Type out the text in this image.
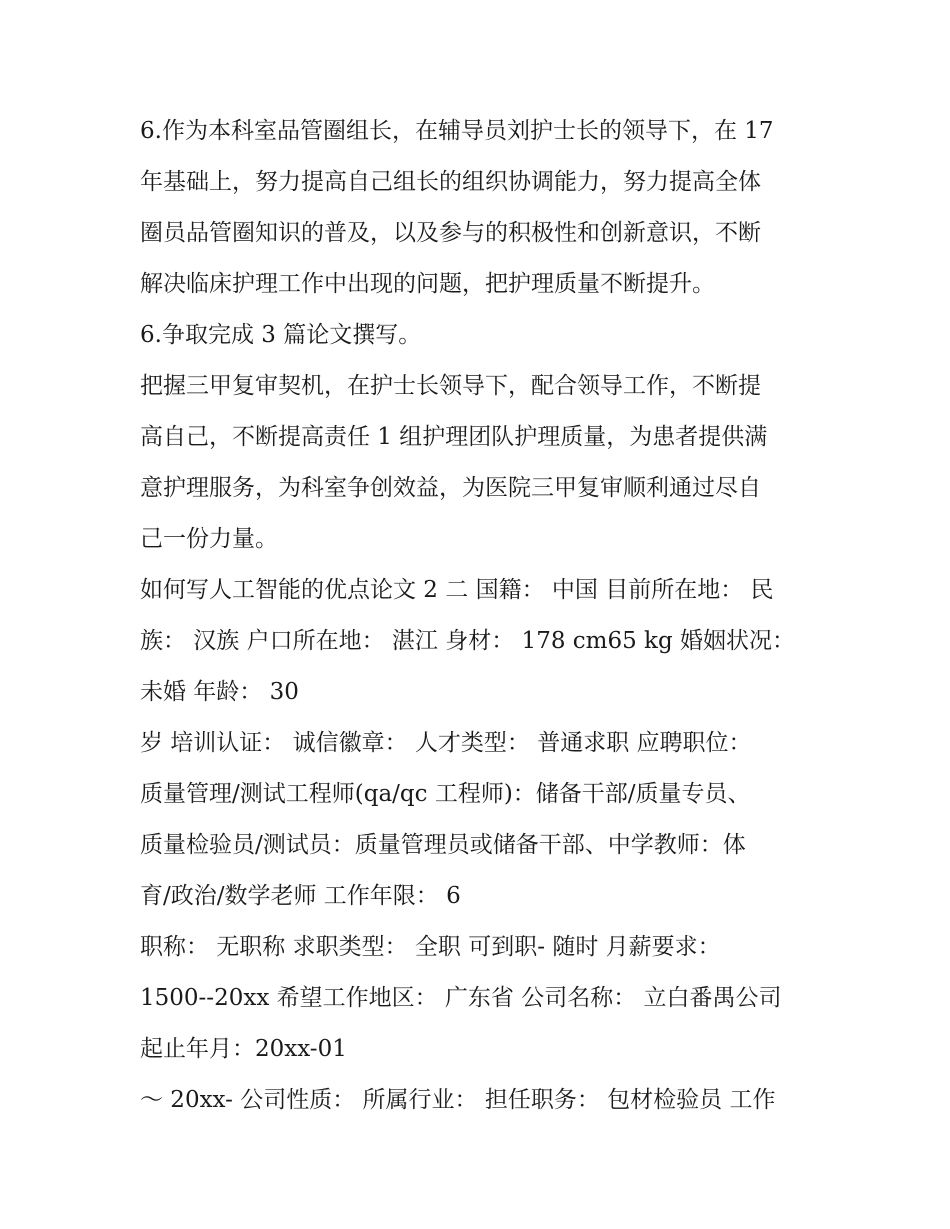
6.作为本科室品管圈组长，在辅导员刘护士长的领导下，在 17
年基础上，努力提高自己组长的组织协调能力，努力提高全体
圈员品管圈知识的普及，以及参与的积极性和创新意识，不断
解决临床护理工作中出现的问题，把护理质量不断提升。
6.争取完成 3 篇论文撰写。
把握三甲复审契机，在护士长领导下，配合领导工作，不断提
高自己，不断提高责任 1 组护理团队护理质量，为患者提供满
意护理服务，为科室争创效益，为医院三甲复审顺利通过尽自
己一份力量。
如何写人工智能的优点论文 2 二 国籍： 中国 目前所在地： 民
族： 汉族 户口所在地： 湛江 身材： 178 cm65 kg 婚姻状况：
未婚 年龄： 30
岁 培训认证： 诚信徽章： 人才类型： 普通求职 应聘职位：
质量管理/测试工程师(qa/qc 工程师)：储备干部/质量专员、
质量检验员/测试员：质量管理员或储备干部、中学教师：体
育/政治/数学老师 工作年限： 6
职称： 无职称 求职类型： 全职 可到职- 随时 月薪要求：
1500--20xx 希望工作地区： 广东省 公司名称： 立白番禺公司
起止年月：20xx-01
～ 20xx- 公司性质： 所属行业： 担任职务： 包材检验员 工作
